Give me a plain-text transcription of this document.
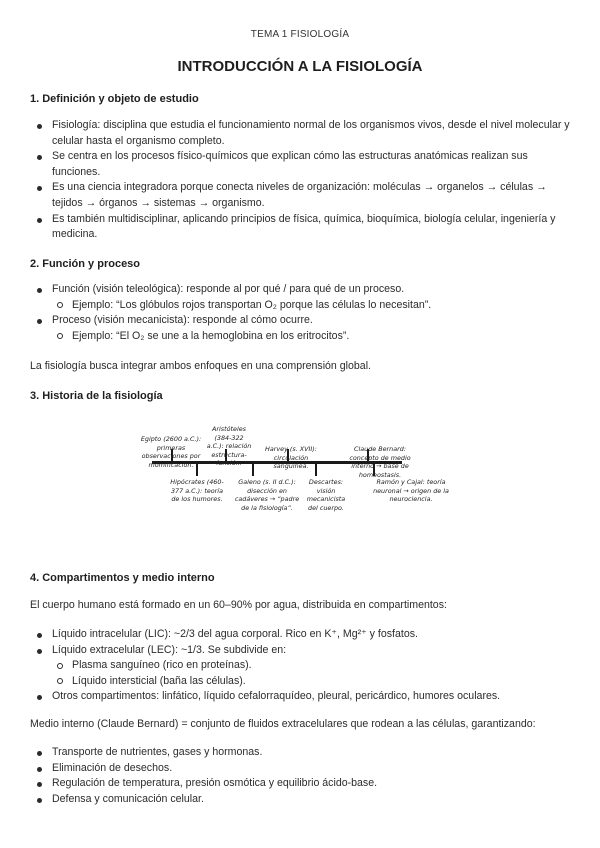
TEMA 1 FISIOLOGÍA
INTRODUCCIÓN A LA FISIOLOGÍA
1. Definición y objeto de estudio
Fisiología: disciplina que estudia el funcionamiento normal de los organismos vivos, desde el nivel molecular y celular hasta el organismo completo.
Se centra en los procesos físico-químicos que explican cómo las estructuras anatómicas realizan sus funciones.
Es una ciencia integradora porque conecta niveles de organización: moléculas → organelos → células → tejidos → órganos → sistemas → organismo.
Es también multidisciplinar, aplicando principios de física, química, bioquímica, biología celular, ingeniería y medicina.
2. Función y proceso
Función (visión teleológica): responde al por qué / para qué de un proceso.
Ejemplo: “Los glóbulos rojos transportan O₂ porque las células lo necesitan”.
Proceso (visión mecanicista): responde al cómo ocurre.
Ejemplo: “El O₂ se une a la hemoglobina en los eritrocitos”.
La fisiología busca integrar ambos enfoques en una comprensión global.
3. Historia de la fisiología
Egipto (2600 a.C.): primeras observaciones por momificación.
Aristóteles (384-322 a.C.): relación estructura-función.
Harvey (s. XVII): circulación sanguínea.
Claude Bernard: concepto de medio interno → base de homeostasis.
Hipócrates (460-377 a.C.): teoría de los humores.
Galeno (s. II d.C.): disección en cadáveres → “padre de la fisiología”.
Descartes: visión mecanicista del cuerpo.
Ramón y Cajal: teoría neuronal → origen de la neurociencia.
4. Compartimentos y medio interno
El cuerpo humano está formado en un 60–90% por agua, distribuida en compartimentos:
Líquido intracelular (LIC): ~2/3 del agua corporal. Rico en K⁺, Mg²⁺ y fosfatos.
Líquido extracelular (LEC): ~1/3. Se subdivide en:
Plasma sanguíneo (rico en proteínas).
Líquido intersticial (baña las células).
Otros compartimentos: linfático, líquido cefalorraquídeo, pleural, pericárdico, humores oculares.
Medio interno (Claude Bernard) = conjunto de fluidos extracelulares que rodean a las células, garantizando:
Transporte de nutrientes, gases y hormonas.
Eliminación de desechos.
Regulación de temperatura, presión osmótica y equilibrio ácido-base.
Defensa y comunicación celular.
